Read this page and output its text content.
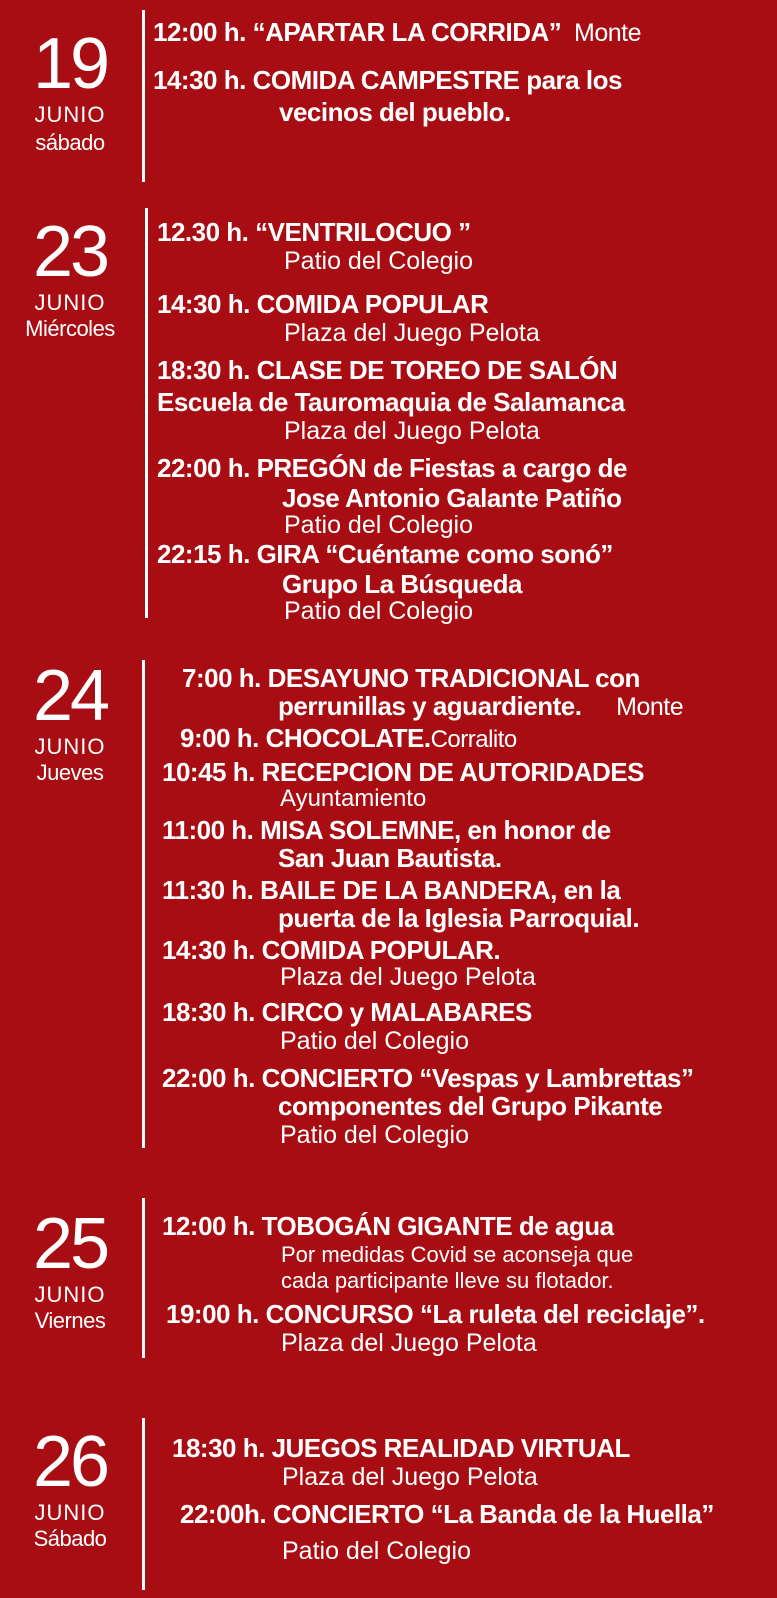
19
JUNIO
sábado
12:00 h. “APARTAR LA CORRIDA” Monte
14:30 h. COMIDA CAMPESTRE para los
vecinos del pueblo.
23
JUNIO
Miércoles
12.30 h. “VENTRILOCUO ”
Patio del Colegio
14:30 h. COMIDA POPULAR
Plaza del Juego Pelota
18:30 h. CLASE DE TOREO DE SALÓN
Escuela de Tauromaquia de Salamanca
Plaza del Juego Pelota
22:00 h. PREGÓN de Fiestas a cargo de
Jose Antonio Galante Patiño
Patio del Colegio
22:15 h. GIRA “Cuéntame como sonó”
Grupo La Búsqueda
Patio del Colegio
24
JUNIO
Jueves
7:00 h. DESAYUNO TRADICIONAL con
perrunillas y aguardiente. Monte
9:00 h. CHOCOLATE.Corralito
10:45 h. RECEPCION DE AUTORIDADES
Ayuntamiento
11:00 h. MISA SOLEMNE, en honor de
San Juan Bautista.
11:30 h. BAILE DE LA BANDERA, en la
puerta de la Iglesia Parroquial.
14:30 h. COMIDA POPULAR.
Plaza del Juego Pelota
18:30 h. CIRCO y MALABARES
Patio del Colegio
22:00 h. CONCIERTO “Vespas y Lambrettas”
componentes del Grupo Pikante
Patio del Colegio
25
JUNIO
Viernes
12:00 h. TOBOGÁN GIGANTE de agua
Por medidas Covid se aconseja que
cada participante lleve su flotador.
19:00 h. CONCURSO “La ruleta del reciclaje”.
Plaza del Juego Pelota
26
JUNIO
Sábado
18:30 h. JUEGOS REALIDAD VIRTUAL
Plaza del Juego Pelota
22:00h. CONCIERTO “La Banda de la Huella”
Patio del Colegio
